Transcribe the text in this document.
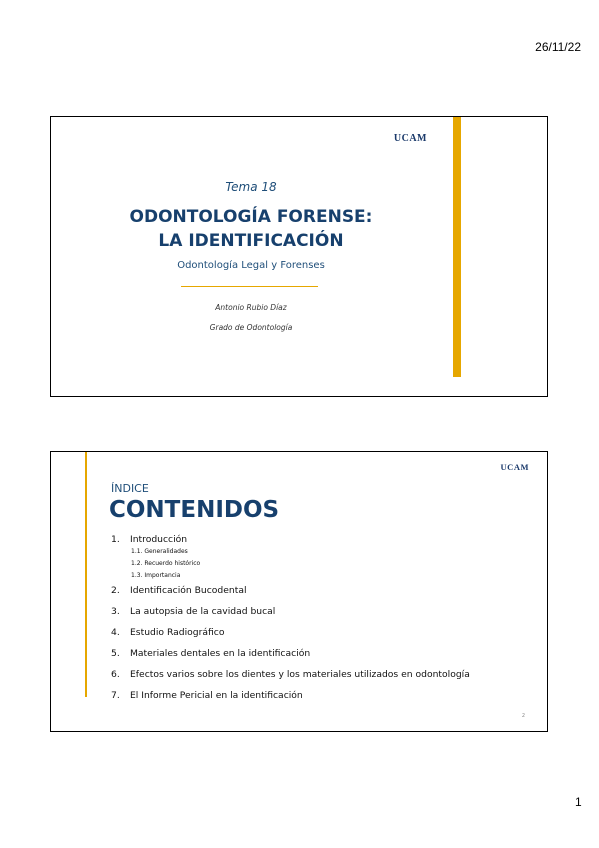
26/11/22
UCAM
Tema 18
ODONTOLOGÍA FORENSE:
LA IDENTIFICACIÓN
Odontología Legal y Forenses
Antonio Rubio Díaz
Grado de Odontología
UCAM
ÍNDICE
CONTENIDOS
1.	Introducción
1.1. Generalidades
1.2. Recuerdo histórico
1.3. Importancia
2.	Identificación Bucodental
3.	La autopsia de la cavidad bucal
4.	Estudio Radiográfico
5.	Materiales dentales en la identificación
6.	Efectos varios sobre los dientes y los materiales utilizados en odontología
7.	El Informe Pericial en la identificación
2
1
